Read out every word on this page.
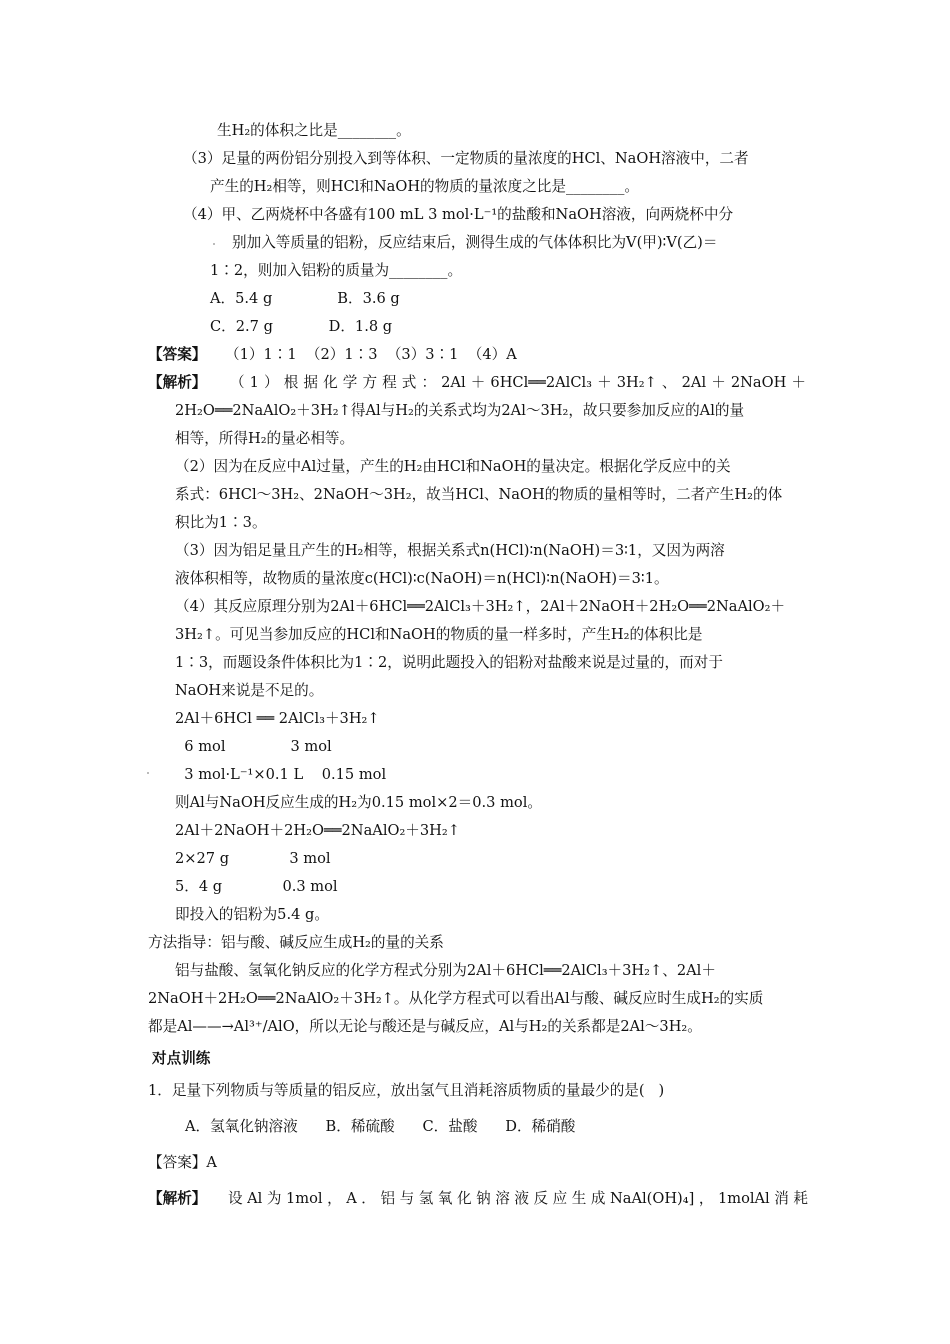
生H₂的体积之比是________。
（3）足量的两份铝分别投入到等体积、一定物质的量浓度的HCl、NaOH溶液中，二者
产生的H₂相等，则HCl和NaOH的物质的量浓度之比是________。
（4）甲、乙两烧杯中各盛有100 mL 3 mol·L⁻¹的盐酸和NaOH溶液，向两烧杯中分
别加入等质量的铝粉，反应结束后，测得生成的气体体积比为V(甲)∶V(乙)＝
1∶2，则加入铝粉的质量为________。
A．5.4 g              B．3.6 g
C．2.7 g            D．1.8 g
【答案】 （1）1∶1  （2）1∶3  （3）3∶1  （4）A
【解析】 （1）根据化学方程式：2Al＋6HCl══2AlCl₃＋3H₂↑、2Al＋2NaOH＋
2H₂O══2NaAlO₂＋3H₂↑得Al与H₂的关系式均为2Al～3H₂，故只要参加反应的Al的量
相等，所得H₂的量必相等。
（2）因为在反应中Al过量，产生的H₂由HCl和NaOH的量决定。根据化学反应中的关
系式：6HCl～3H₂、2NaOH～3H₂，故当HCl、NaOH的物质的量相等时，二者产生H₂的体
积比为1∶3。
（3）因为铝足量且产生的H₂相等，根据关系式n(HCl)∶n(NaOH)＝3∶1，又因为两溶
液体积相等，故物质的量浓度c(HCl)∶c(NaOH)＝n(HCl)∶n(NaOH)＝3∶1。
（4）其反应原理分别为2Al＋6HCl══2AlCl₃＋3H₂↑，2Al＋2NaOH＋2H₂O══2NaAlO₂＋
3H₂↑。可见当参加反应的HCl和NaOH的物质的量一样多时，产生H₂的体积比是
1∶3，而题设条件体积比为1∶2，说明此题投入的铝粉对盐酸来说是过量的，而对于
NaOH来说是不足的。
2Al＋6HCl ══ 2AlCl₃＋3H₂↑
6 mol              3 mol
3 mol·L⁻¹×0.1 L    0.15 mol
则Al与NaOH反应生成的H₂为0.15 mol×2＝0.3 mol。
2Al＋2NaOH＋2H₂O══2NaAlO₂＋3H₂↑
2×27 g             3 mol
5．4 g             0.3 mol
即投入的铝粉为5.4 g。
方法指导：铝与酸、碱反应生成H₂的量的关系
铝与盐酸、氢氧化钠反应的化学方程式分别为2Al＋6HCl══2AlCl₃＋3H₂↑、2Al＋
2NaOH＋2H₂O══2NaAlO₂＋3H₂↑。从化学方程式可以看出Al与酸、碱反应时生成H₂的实质
都是Al——→Al³⁺/AlO，所以无论与酸还是与碱反应，Al与H₂的关系都是2Al～3H₂。
对点训练
1．足量下列物质与等质量的铝反应，放出氢气且消耗溶质物质的量最少的是(   )
A．氢氧化钠溶液      B．稀硫酸      C．盐酸      D．稀硝酸
【答案】A
【解析】 设Al为1mol，A．铝与氢氧化钠溶液反应生成NaAl(OH)₄]，1molAl消耗
